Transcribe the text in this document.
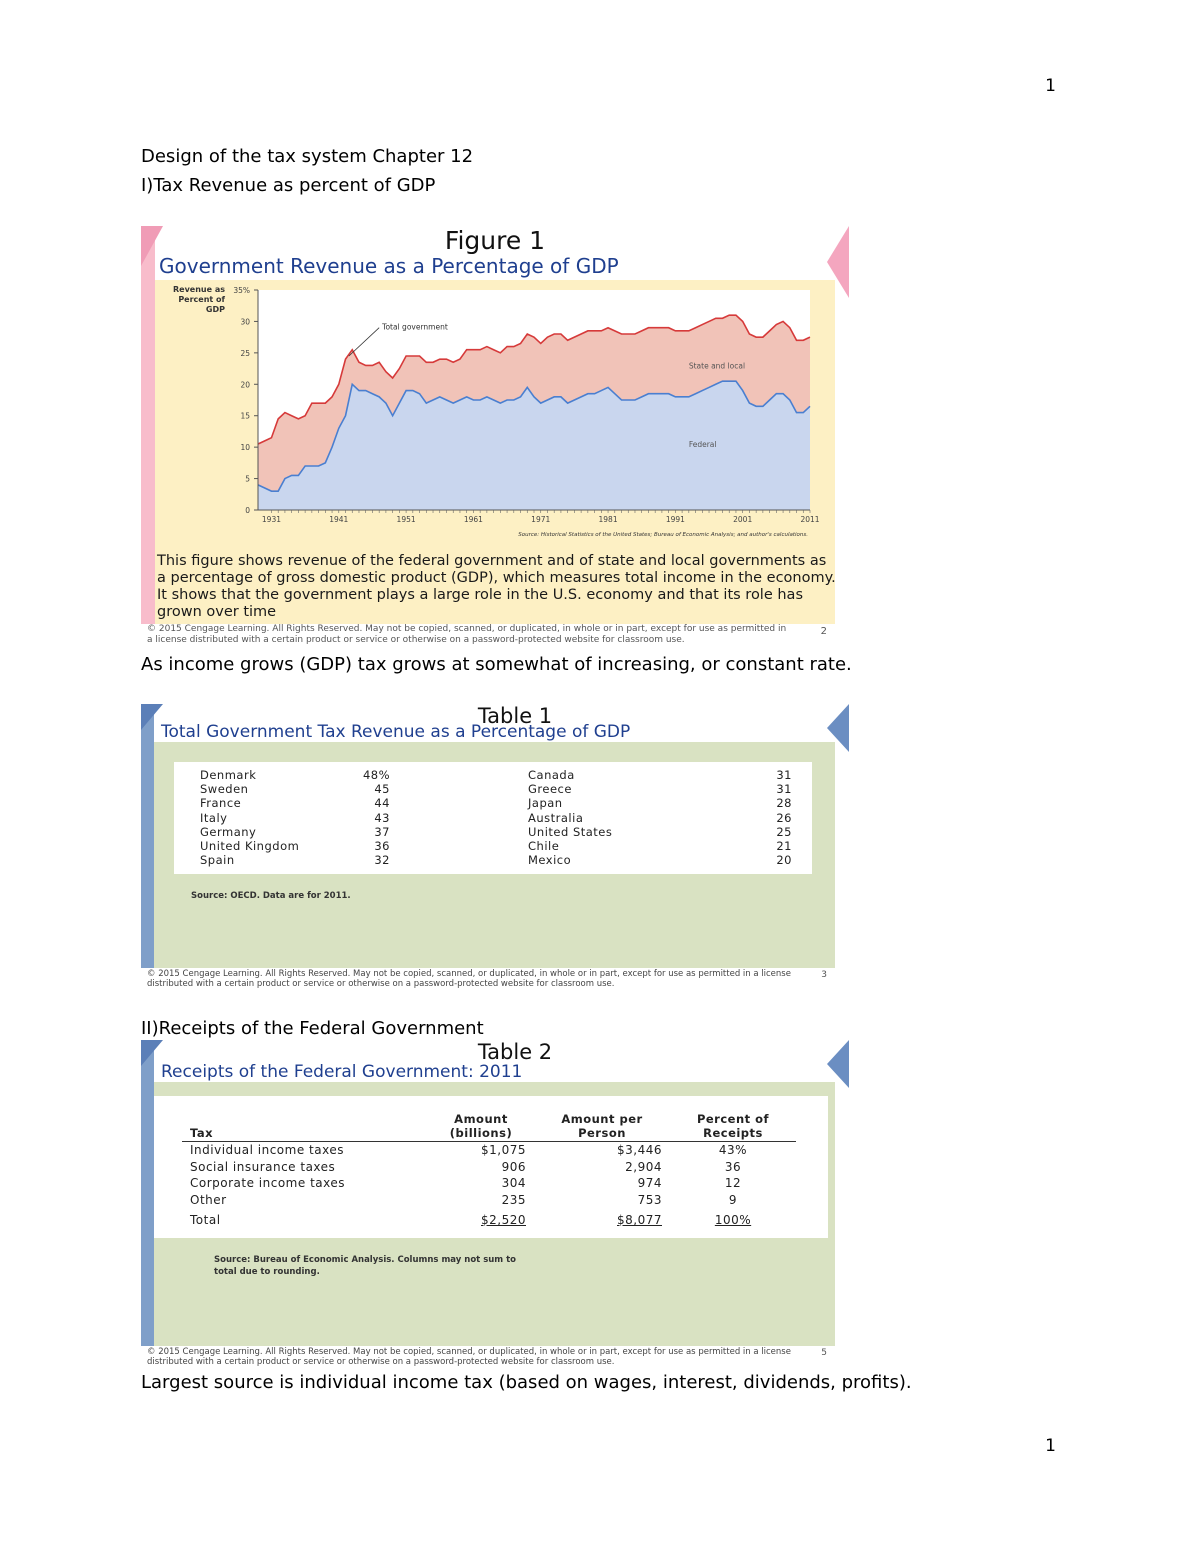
1
1
Design of the tax system Chapter 12
I)Tax Revenue as percent of GDP
As income grows (GDP) tax grows at somewhat of increasing, or constant rate.
II)Receipts of the Federal Government
Largest source is individual income tax (based on wages, interest, dividends, profits).
Figure 1
Government Revenue as a Percentage of GDP
0
5
10
15
20
25
30
35%
1931	1941	1951	1961	1971	1981	1991	2001	2011
Revenue as
Percent of
GDP
Total government
State and local
Federal
Source: Historical Statistics of the United States; Bureau of Economic Analysis; and author's calculations.
This figure shows revenue of the federal government and of state and local governments as a percentage of gross domestic product (GDP), which measures total income in the economy. It shows that the government plays a large role in the U.S. economy and that its role has grown over time
© 2015 Cengage Learning. All Rights Reserved. May not be copied, scanned, or duplicated, in whole or in part, except for use as permitted in a license distributed with a certain product or service or otherwise on a password-protected website for classroom use.
2
Table 1
Total Government Tax Revenue as a Percentage of GDP
Denmark	48%
Sweden	45
France	44
Italy	43
Germany	37
United Kingdom	36
Spain	32
Canada	31
Greece	31
Japan	28
Australia	26
United States	25
Chile	21
Mexico	20
Source: OECD. Data are for 2011.
© 2015 Cengage Learning. All Rights Reserved. May not be copied, scanned, or duplicated, in whole or in part, except for use as permitted in a license distributed with a certain product or service or otherwise on a password-protected website for classroom use.
3
Table 2
Receipts of the Federal Government: 2011
Tax	Amount (billions)	Amount per Person	Percent of Receipts
Individual income taxes	$1,075	$3,446	43%
Social insurance taxes	906	2,904	36
Corporate income taxes	304	974	12
Other	235	753	9
Total	$2,520	$8,077	100%
Source: Bureau of Economic Analysis. Columns may not sum to total due to rounding.
© 2015 Cengage Learning. All Rights Reserved. May not be copied, scanned, or duplicated, in whole or in part, except for use as permitted in a license distributed with a certain product or service or otherwise on a password-protected website for classroom use.
5
